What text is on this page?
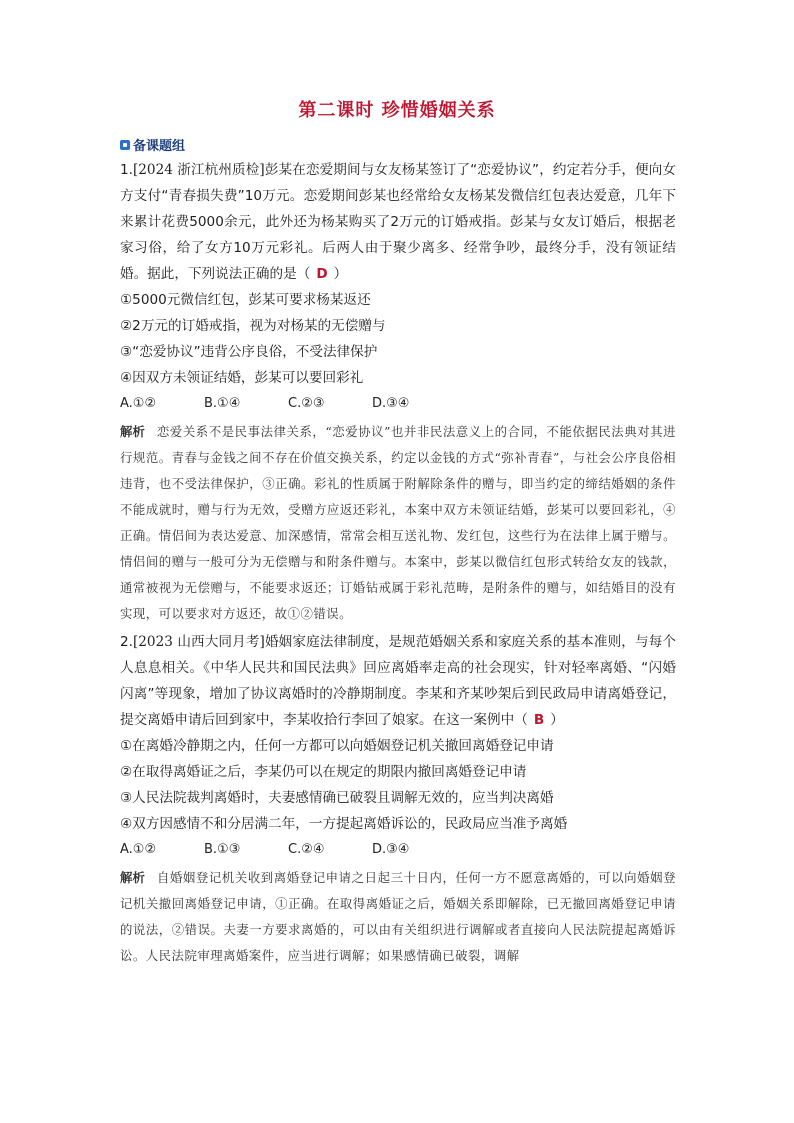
第二课时 珍惜婚姻关系
备课题组

1.[2024 浙江杭州质检]彭某在恋爱期间与女友杨某签订了“恋爱协议”，约定若分手，便向女方支付“青春损失费”10万元。恋爱期间彭某也经常给女友杨某发微信红包表达爱意，几年下来累计花费5000余元，此外还为杨某购买了2万元的订婚戒指。彭某与女友订婚后，根据老家习俗，给了女方10万元彩礼。后两人由于聚少离多、经常争吵，最终分手，没有领证结婚。据此，下列说法正确的是（ D ）

①5000元微信红包，彭某可要求杨某返还

②2万元的订婚戒指，视为对杨某的无偿赠与

③“恋爱协议”违背公序良俗，不受法律保护

④因双方未领证结婚，彭某可以要回彩礼

A.①②	B.①④	C.②③	D.③④

解析 恋爱关系不是民事法律关系，“恋爱协议”也并非民法意义上的合同，不能依据民法典对其进行规范。青春与金钱之间不存在价值交换关系，约定以金钱的方式“弥补青春”，与社会公序良俗相违背，也不受法律保护，③正确。彩礼的性质属于附解除条件的赠与，即当约定的缔结婚姻的条件不能成就时，赠与行为无效，受赠方应返还彩礼，本案中双方未领证结婚，彭某可以要回彩礼，④正确。情侣间为表达爱意、加深感情，常常会相互送礼物、发红包，这些行为在法律上属于赠与。情侣间的赠与一般可分为无偿赠与和附条件赠与。本案中，彭某以微信红包形式转给女友的钱款，通常被视为无偿赠与，不能要求返还；订婚钻戒属于彩礼范畴，是附条件的赠与，如结婚目的没有实现，可以要求对方返还，故①②错误。

2.[2023 山西大同月考]婚姻家庭法律制度，是规范婚姻关系和家庭关系的基本准则，与每个人息息相关。《中华人民共和国民法典》回应离婚率走高的社会现实，针对轻率离婚、“闪婚闪离”等现象，增加了协议离婚时的冷静期制度。李某和齐某吵架后到民政局申请离婚登记，提交离婚申请后回到家中，李某收拾行李回了娘家。在这一案例中（ B ）

①在离婚冷静期之内，任何一方都可以向婚姻登记机关撤回离婚登记申请

②在取得离婚证之后，李某仍可以在规定的期限内撤回离婚登记申请

③人民法院裁判离婚时，夫妻感情确已破裂且调解无效的，应当判决离婚

④双方因感情不和分居满二年，一方提起离婚诉讼的，民政局应当准予离婚

A.①②	B.①③	C.②④	D.③④

解析 自婚姻登记机关收到离婚登记申请之日起三十日内，任何一方不愿意离婚的，可以向婚姻登记机关撤回离婚登记申请，①正确。在取得离婚证之后，婚姻关系即解除，已无撤回离婚登记申请的说法，②错误。夫妻一方要求离婚的，可以由有关组织进行调解或者直接向人民法院提起离婚诉讼。人民法院审理离婚案件，应当进行调解；如果感情确已破裂，调解
